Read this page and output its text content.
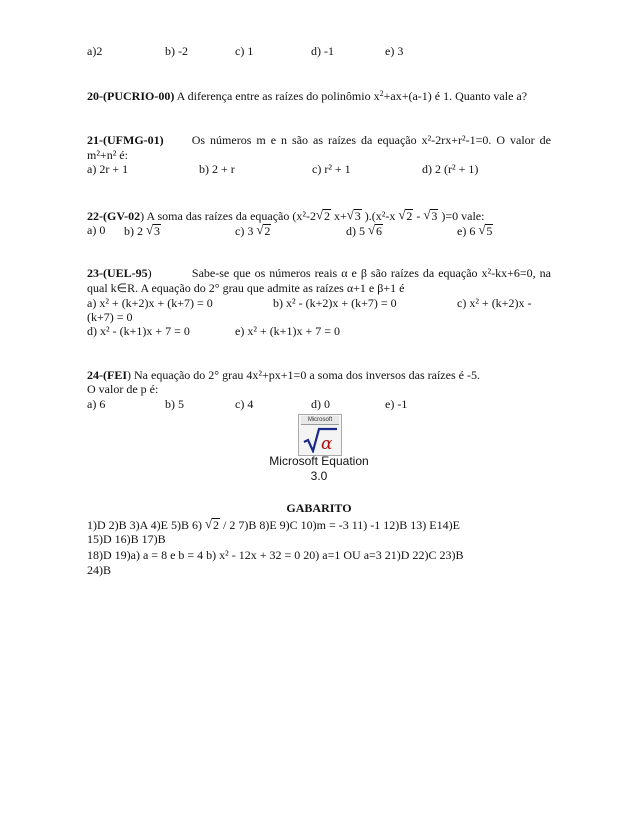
a)2	b) -2	c) 1	d) -1	e) 3
20-(PUCRIO-00) A diferença entre as raízes do polinômio $x^2+ax+(a-1)$ é 1. Quanto vale a?
21-(UFMG-01) Os números m e n são as raízes da equação x²-2rx+r²-1=0. O valor de
m²+n² é:
a) 2r + 1	b) 2 + r	c) r² + 1	d) 2 (r² + 1)
22-(GV-02) A soma das raízes da equação (x²-2 √ 2 x+ √ 3 ).(x²-x √ 2 - √ 3 )=0 vale:
a) 0 b) 2 √ 3	c) 3 √ 2	d) 5 √ 6	e) 6 √ 5
23-(UEL-95)	Sabe-se que os números reais α e β são raízes da equação x²-kx+6=0, na
qual k∈R. A equação do 2° grau que admite as raízes α+1 e β+1 é
a) x² + (k+2)x + (k+7) = 0	b) x² - (k+2)x + (k+7) = 0	c) x² + (k+2)x -
(k+7) = 0
d) x² - (k+1)x + 7 = 0	e) x² + (k+1)x + 7 = 0
24-(FEI) Na equação do 2° grau 4x²+px+1=0 a soma dos inversos das raízes é -5.
O valor de p é:
a) 6	b) 5	c) 4	d) 0	e) -1
Microsoft
α
Microsoft Equation
3.0
GABARITO
1)D 2)B 3)A 4)E 5)B 6) √ 2 / 2 7)B 8)E 9)C 10)m = -3 11) -1 12)B 13) E14)E
15)D 16)B 17)B
18)D 19)a) a = 8 e b = 4 b) x² - 12x + 32 = 0 20) a=1 OU a=3 21)D 22)C 23)B
24)B
